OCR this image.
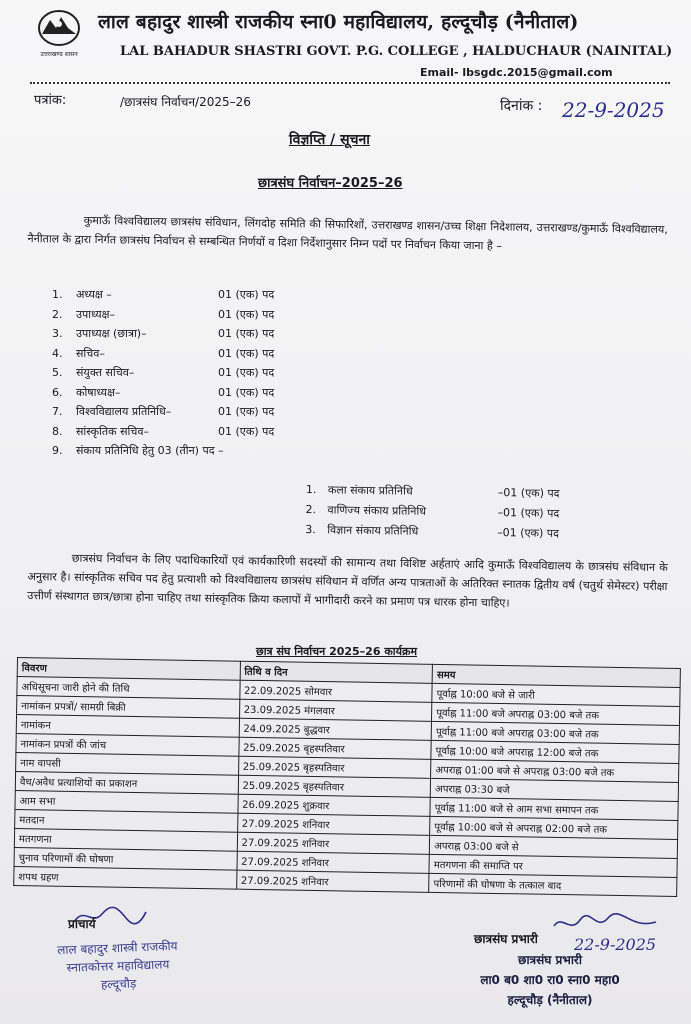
उत्तराखण्ड शासन
लाल बहादुर शास्त्री राजकीय स्ना0 महाविद्यालय, हल्दूचौड़ (नैनीताल)
LAL BAHADUR SHASTRI GOVT. P.G. COLLEGE , HALDUCHAUR (NAINITAL)
Email- lbsgdc.2015@gmail.com
पत्रांक:	/छात्रसंघ निर्वाचन/2025–26	दिनांक : 22-9-2025
विज्ञप्ति / सूचना
छात्रसंघ निर्वाचन–2025–26
कुमाऊँ विश्वविद्यालय छात्रसंघ संविधान, लिंगदोह समिति की सिफारिशों, उत्तराखण्ड शासन/उच्च शिक्षा निदेशालय, उत्तराखण्ड/कुमाऊँ विश्वविद्यालय, नैनीताल के द्वारा निर्गत छात्रसंघ निर्वाचन से सम्बन्धित निर्णयों व दिशा निर्देशानुसार निम्न पदों पर निर्वाचन किया जाना है –
1. अध्यक्ष –	01 (एक) पद
2. उपाध्यक्ष–	01 (एक) पद
3. उपाध्यक्ष (छात्रा)–	01 (एक) पद
4. सचिव–	01 (एक) पद
5. संयुक्त सचिव–	01 (एक) पद
6. कोषाध्यक्ष–	01 (एक) पद
7. विश्वविद्यालय प्रतिनिधि–	01 (एक) पद
8. सांस्कृतिक सचिव–	01 (एक) पद
9. संकाय प्रतिनिधि हेतु 03 (तीन) पद –
1. कला संकाय प्रतिनिधि	–01 (एक) पद
2. वाणिज्य संकाय प्रतिनिधि	–01 (एक) पद
3. विज्ञान संकाय प्रतिनिधि	–01 (एक) पद
छात्रसंघ निर्वाचन के लिए पदाधिकारियों एवं कार्यकारिणी सदस्यों की सामान्य तथा विशिष्ट अर्हताएं आदि कुमाऊँ विश्वविद्यालय के छात्रसंघ संविधान के अनुसार है। सांस्कृतिक सचिव पद हेतु प्रत्याशी को विश्वविद्यालय छात्रसंघ संविधान में वर्णित अन्य पात्रताओं के अतिरिक्त स्नातक द्वितीय वर्ष (चतुर्थ सेमेस्टर) परीक्षा उत्तीर्ण संस्थागत छात्र/छात्रा होना चाहिए तथा सांस्कृतिक क्रिया कलापों में भागीदारी करने का प्रमाण पत्र धारक होना चाहिए।
छात्र संघ निर्वाचन 2025–26 कार्यक्रम
विवरण	तिथि व दिन	समय
अधिसूचना जारी होने की तिथि	22.09.2025 सोमवार	पूर्वाह्न 10:00 बजे से जारी
नामांकन प्रपत्रों/ सामग्री बिक्री	23.09.2025 मंगलवार	पूर्वाह्न 11:00 बजे अपराह्न 03:00 बजे तक
नामांकन	24.09.2025 बुद्धवार	पूर्वाह्न 11:00 बजे अपराह्न 03:00 बजे तक
नामांकन प्रपत्रों की जांच	25.09.2025 बृहस्पतिवार	पूर्वाह्न 10:00 बजे अपराह्न 12:00 बजे तक
नाम वापसी	25.09.2025 बृहस्पतिवार	अपराह्न 01:00 बजे से अपराह्न 03:00 बजे तक
वैध/अवैध प्रत्याशियों का प्रकाशन	25.09.2025 बृहस्पतिवार	अपराह्न 03:30 बजे
आम सभा	26.09.2025 शुक्रवार	पूर्वाह्न 11:00 बजे से आम सभा समापन तक
मतदान	27.09.2025 शनिवार	पूर्वाह्न 10:00 बजे से अपराह्न 02:00 बजे तक
मतगणना	27.09.2025 शनिवार	अपराह्न 03:00 बजे से
चुनाव परिणामों की घोषणा	27.09.2025 शनिवार	मतगणना की समाप्ति पर
शपथ ग्रहण	27.09.2025 शनिवार	परिणामों की घोषणा के तत्काल बाद
प्राचार्य
लाल बहादुर शास्त्री राजकीय
स्नातकोत्तर महाविद्यालय
हल्दूचौड़
22-9-2025
छात्रसंघ प्रभारी
छात्रसंघ प्रभारी
ला0 ब0 शा0 रा0 स्ना0 महा0
हल्दूचौड़ (नैनीताल)
